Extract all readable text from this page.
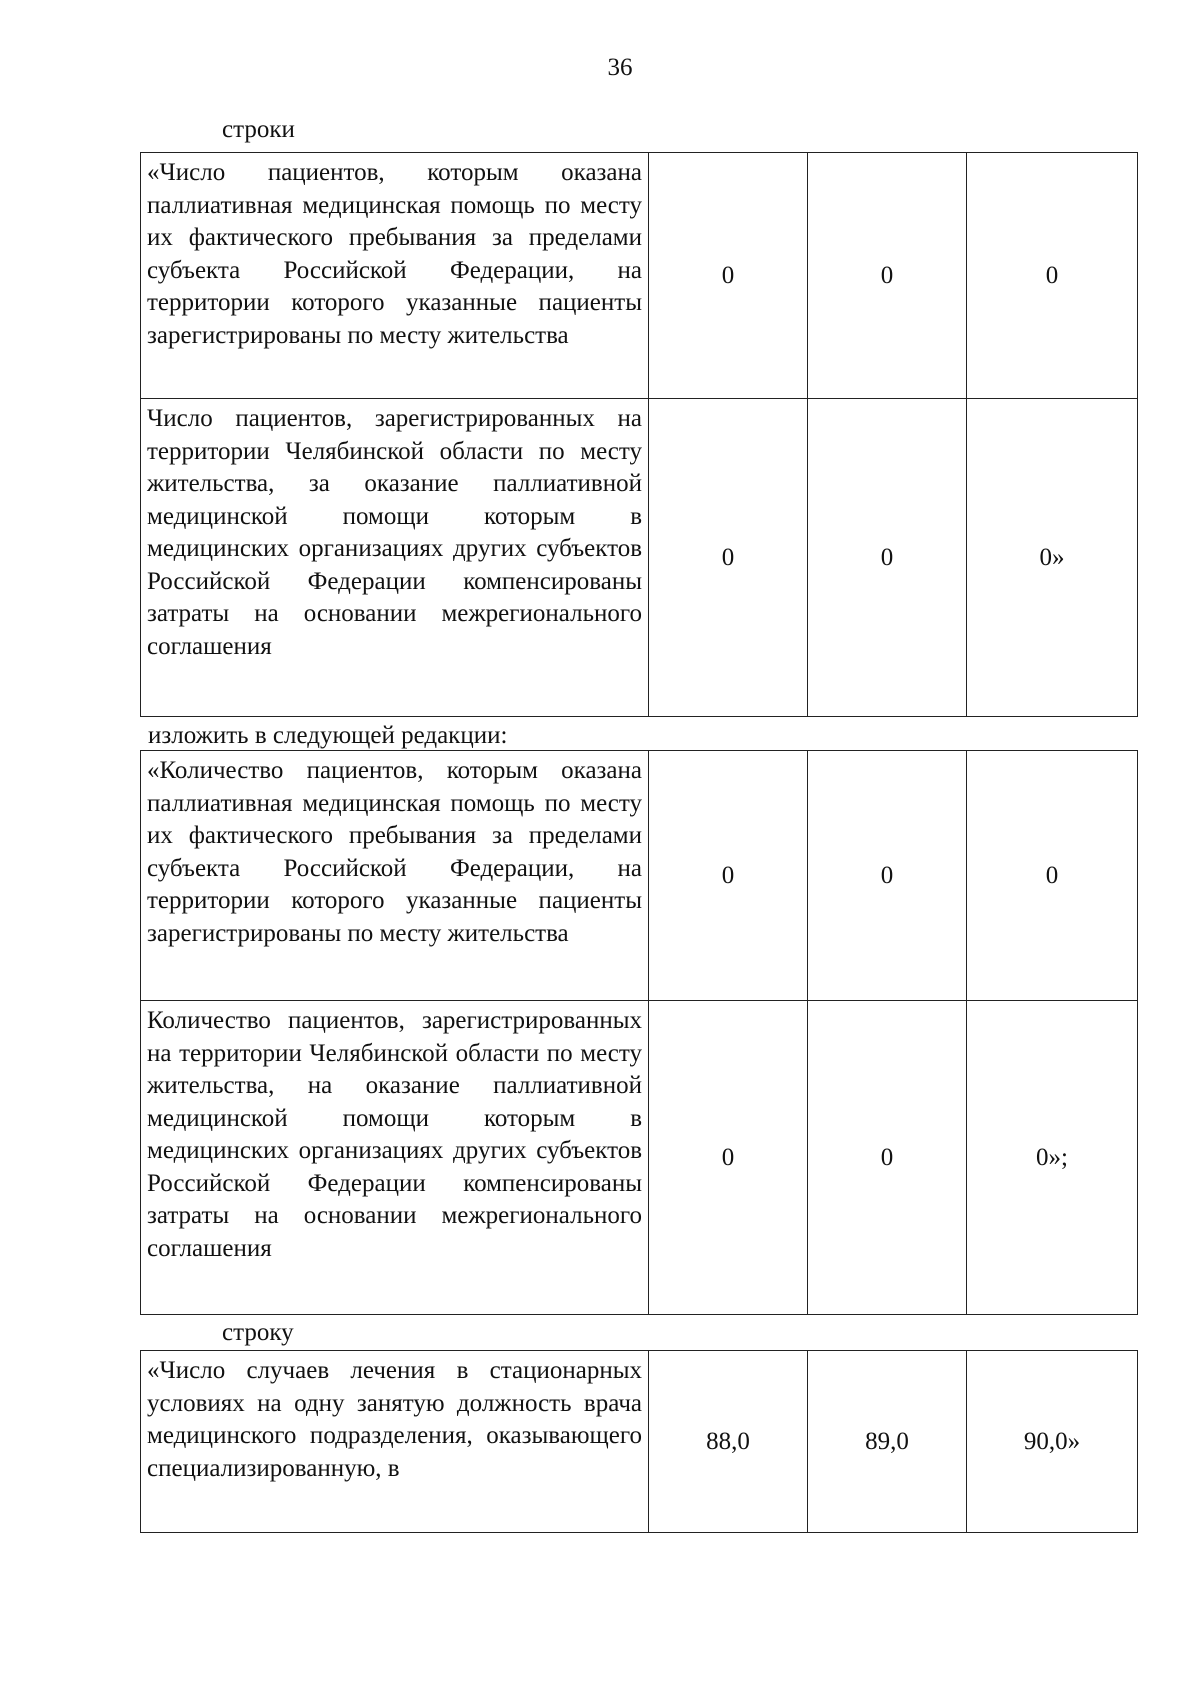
36
строки
«Число пациентов, которым оказана паллиативная медицинская помощь по месту их фактического пребывания за пределами субъекта Российской Федерации, на территории которого указанные пациенты зарегистрированы по месту жительства	0	0	0
Число пациентов, зарегистрированных на территории Челябинской области по месту жительства, за оказание паллиативной медицинской помощи которым в медицинских организациях других субъектов Российской Федерации компенсированы затраты на основании межрегионального соглашения	0	0	0»
изложить в следующей редакции:
«Количество пациентов, которым оказана паллиативная медицинская помощь по месту их фактического пребывания за пределами субъекта Российской Федерации, на территории которого указанные пациенты зарегистрированы по месту жительства	0	0	0
Количество пациентов, зарегистрированных на территории Челябинской области по месту жительства, на оказание паллиативной медицинской помощи которым в медицинских организациях других субъектов Российской Федерации компенсированы затраты на основании межрегионального соглашения	0	0	0»;
строку
«Число случаев лечения в стационарных условиях на одну занятую должность врача медицинского подразделения, оказывающего специализированную, в	88,0	89,0	90,0»
